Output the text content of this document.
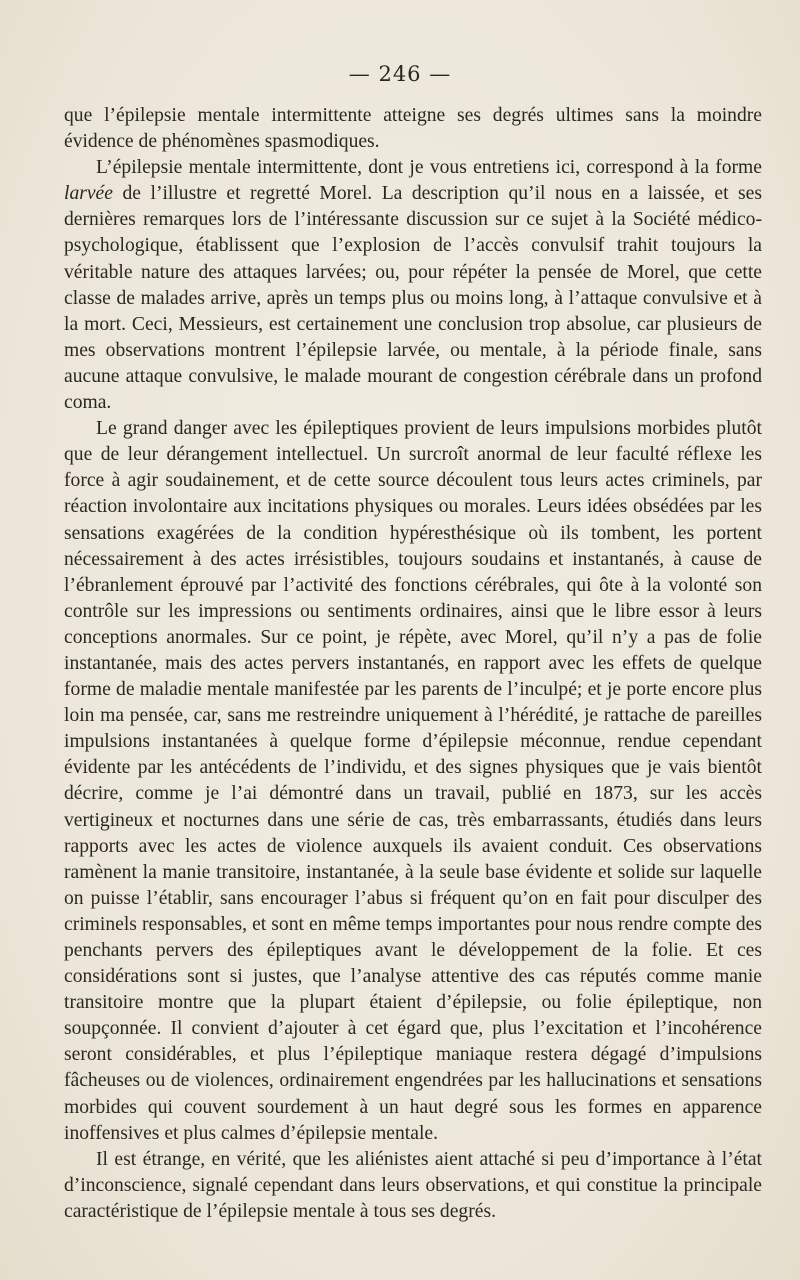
— 246 —

que l’épilepsie mentale intermittente atteigne ses degrés ultimes sans la moindre évidence de phénomènes spasmodiques.

L’épilepsie mentale intermittente, dont je vous entretiens ici, correspond à la forme larvée de l’illustre et regretté Morel. La description qu’il nous en a laissée, et ses dernières remarques lors de l’intéressante discussion sur ce sujet à la Société médico-psychologique, établissent que l’explosion de l’accès convulsif trahit toujours la véritable nature des attaques larvées; ou, pour répéter la pensée de Morel, que cette classe de malades arrive, après un temps plus ou moins long, à l’attaque convulsive et à la mort. Ceci, Messieurs, est certainement une conclusion trop absolue, car plusieurs de mes observations montrent l’épilepsie larvée, ou mentale, à la période finale, sans aucune attaque convulsive, le malade mourant de congestion cérébrale dans un profond coma.

Le grand danger avec les épileptiques provient de leurs impulsions morbides plutôt que de leur dérangement intellectuel. Un surcroît anormal de leur faculté réflexe les force à agir soudainement, et de cette source découlent tous leurs actes criminels, par réaction involontaire aux incitations physiques ou morales. Leurs idées obsédées par les sensations exagérées de la condition hypéresthésique où ils tombent, les portent nécessairement à des actes irrésistibles, toujours soudains et instantanés, à cause de l’ébranlement éprouvé par l’activité des fonctions cérébrales, qui ôte à la volonté son contrôle sur les impressions ou sentiments ordinaires, ainsi que le libre essor à leurs conceptions anormales. Sur ce point, je répète, avec Morel, qu’il n’y a pas de folie instantanée, mais des actes pervers instantanés, en rapport avec les effets de quelque forme de maladie mentale manifestée par les parents de l’inculpé; et je porte encore plus loin ma pensée, car, sans me restreindre uniquement à l’hérédité, je rattache de pareilles impulsions instantanées à quelque forme d’épilepsie méconnue, rendue cependant évidente par les antécédents de l’individu, et des signes physiques que je vais bientôt décrire, comme je l’ai démontré dans un travail, publié en 1873, sur les accès vertigineux et nocturnes dans une série de cas, très embarrassants, étudiés dans leurs rapports avec les actes de violence auxquels ils avaient conduit. Ces observations ramènent la manie transitoire, instantanée, à la seule base évidente et solide sur laquelle on puisse l’établir, sans encourager l’abus si fréquent qu’on en fait pour disculper des criminels responsables, et sont en même temps importantes pour nous rendre compte des penchants pervers des épileptiques avant le développement de la folie. Et ces considérations sont si justes, que l’analyse attentive des cas réputés comme manie transitoire montre que la plupart étaient d’épilepsie, ou folie épileptique, non soupçonnée. Il convient d’ajouter à cet égard que, plus l’excitation et l’incohérence seront considérables, et plus l’épileptique maniaque restera dégagé d’impulsions fâcheuses ou de violences, ordinairement engendrées par les hallucinations et sensations morbides qui couvent sourdement à un haut degré sous les formes en apparence inoffensives et plus calmes d’épilepsie mentale.

Il est étrange, en vérité, que les aliénistes aient attaché si peu d’importance à l’état d’inconscience, signalé cependant dans leurs observations, et qui constitue la principale caractéristique de l’épilepsie mentale à tous ses degrés.
